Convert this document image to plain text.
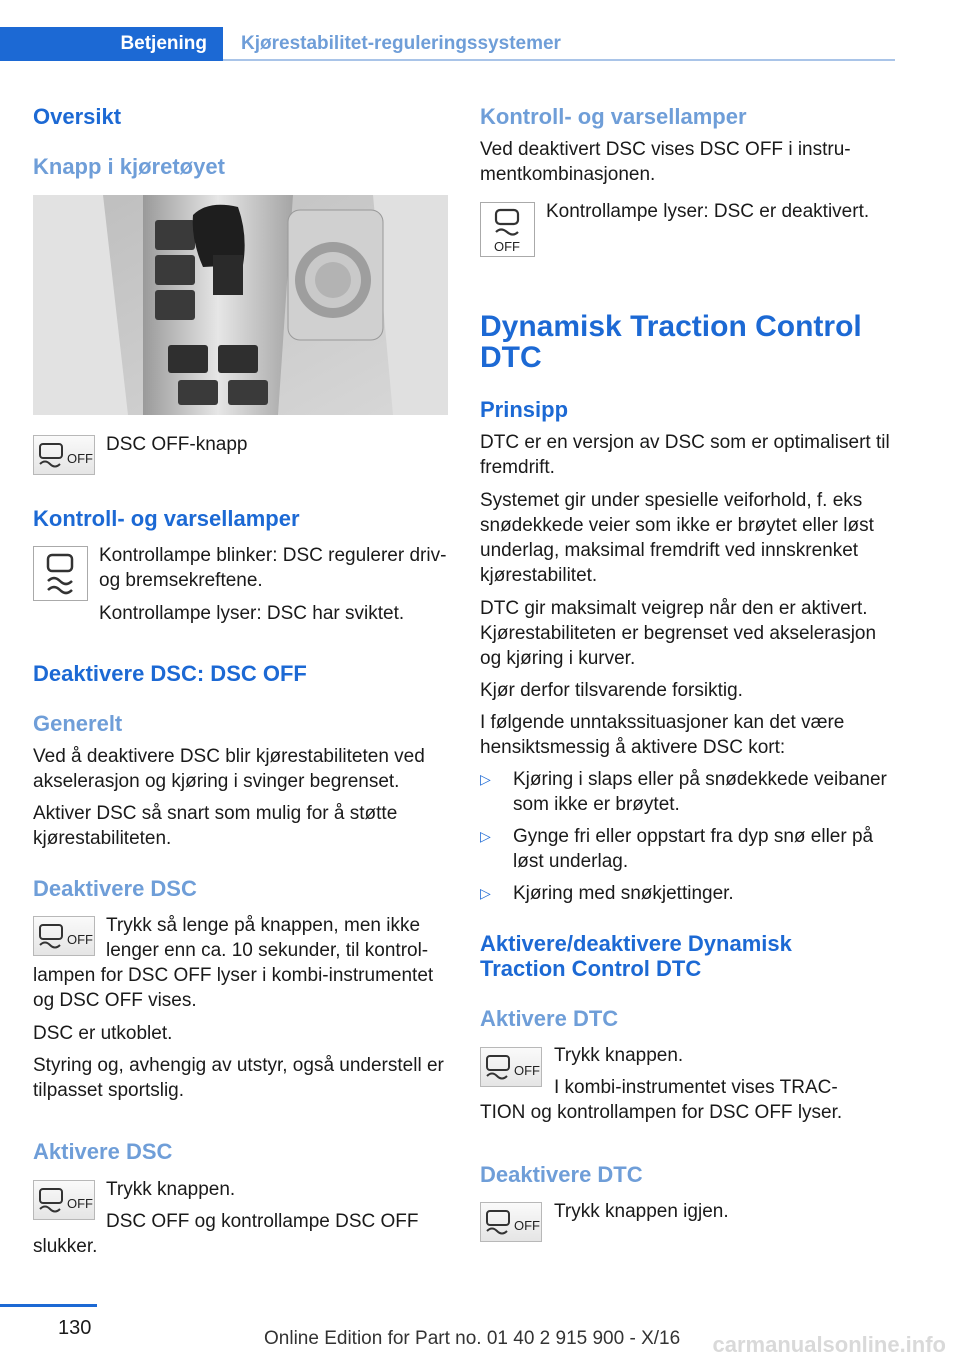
Betjening	Kjørestabilitet-reguleringssystemer
Oversikt
Knapp i kjøretøyet
OFF
DSC OFF-knapp
Kontroll- og varsellamper
Kontrollampe blinker: DSC regulerer driv- og bremsekreftene.
Kontrollampe lyser: DSC har sviktet.
Deaktivere DSC: DSC OFF
Generelt
Ved å deaktivere DSC blir kjørestabiliteten ved akselerasjon og kjøring i svinger begrenset.
Aktiver DSC så snart som mulig for å støtte kjørestabiliteten.
Deaktivere DSC
OFF
Trykk så lenge på knappen, men ikke
lenger enn ca. 10 sekunder, til kontrol-
lampen for DSC OFF lyser i kombi-instrumentet og DSC OFF vises.
DSC er utkoblet.
Styring og, avhengig av utstyr, også understell er tilpasset sportslig.
Aktivere DSC
OFF
Trykk knappen.
DSC OFF og kontrollampe DSC OFF
slukker.
Kontroll- og varsellamper
Ved deaktivert DSC vises DSC OFF i instrumentkombinasjonen.
OFF
Kontrollampe lyser: DSC er deaktivert.
Dynamisk Traction Control
DTC
Prinsipp
DTC er en versjon av DSC som er optimalisert til fremdrift.
Systemet gir under spesielle veiforhold, f. eks snødekkede veier som ikke er brøytet eller løst underlag, maksimal fremdrift ved innskrenket kjørestabilitet.
DTC gir maksimalt veigrep når den er aktivert. Kjørestabiliteten er begrenset ved akselerasjon og kjøring i kurver.
Kjør derfor tilsvarende forsiktig.
I følgende unntakssituasjoner kan det være hensiktsmessig å aktivere DSC kort:
▷ Kjøring i slaps eller på snødekkede veibaner som ikke er brøytet.
▷ Gynge fri eller oppstart fra dyp snø eller på løst underlag.
▷ Kjøring med snøkjettinger.
Aktivere/deaktivere Dynamisk
Traction Control DTC
Aktivere DTC
OFF
Trykk knappen.
I kombi-instrumentet vises TRAC-
TION og kontrollampen for DSC OFF lyser.
Deaktivere DTC
OFF
Trykk knappen igjen.
130	Online Edition for Part no. 01 40 2 915 900 - X/16 carmanualsonline.info
